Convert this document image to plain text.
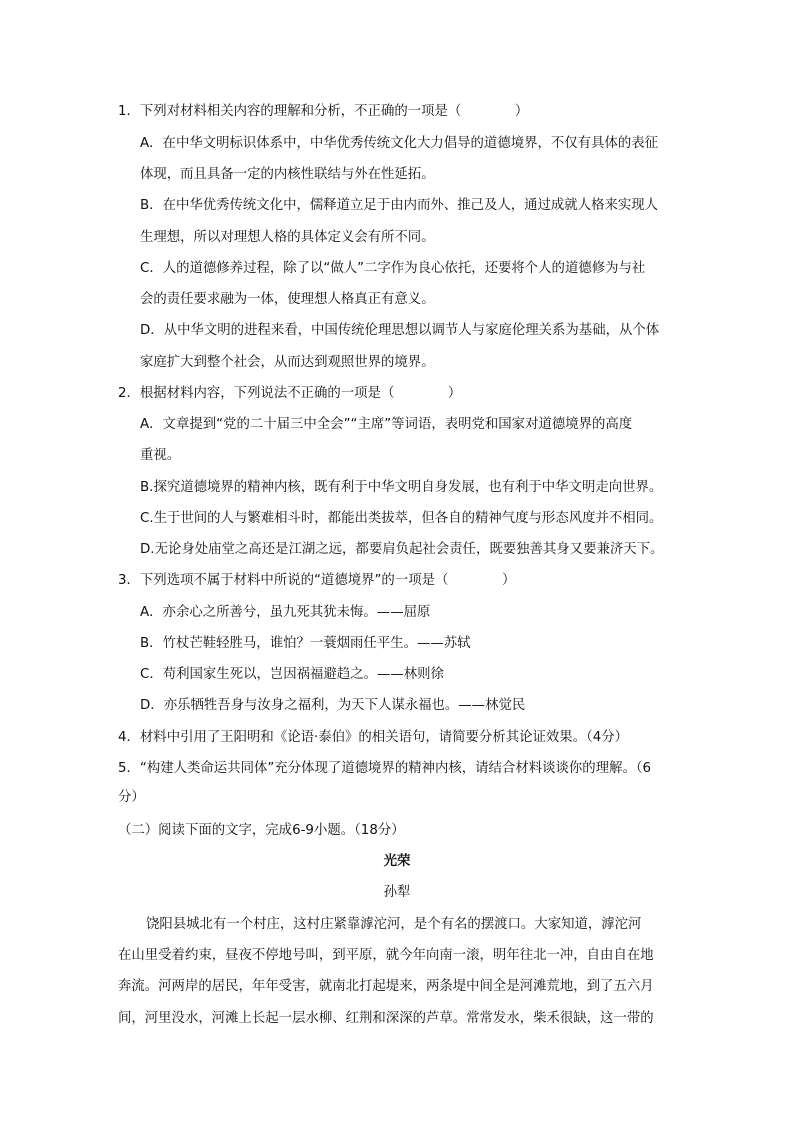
1．下列对材料相关内容的理解和分析，不正确的一项是（　　　　）
A．在中华文明标识体系中，中华优秀传统文化大力倡导的道德境界，不仅有具体的表征
体现，而且具备一定的内核性联结与外在性延拓。
B．在中华优秀传统文化中，儒释道立足于由内而外、推己及人，通过成就人格来实现人
生理想，所以对理想人格的具体定义会有所不同。
C．人的道德修养过程，除了以“做人”二字作为良心依托，还要将个人的道德修为与社
会的责任要求融为一体，使理想人格真正有意义。
D．从中华文明的进程来看，中国传统伦理思想以调节人与家庭伦理关系为基础，从个体
家庭扩大到整个社会，从而达到观照世界的境界。
2．根据材料内容，下列说法不正确的一项是（　　　　）
A．文章提到“党的二十届三中全会”“主席”等词语，表明党和国家对道德境界的高度
重视。
B.探究道德境界的精神内核，既有利于中华文明自身发展，也有利于中华文明走向世界。
C.生于世间的人与繁难相斗时，都能出类拔萃，但各自的精神气度与形态风度并不相同。
D.无论身处庙堂之高还是江湖之远，都要肩负起社会责任，既要独善其身又要兼济天下。
3．下列选项不属于材料中所说的“道德境界”的一项是（　　　　）
A．亦余心之所善兮，虽九死其犹未悔。——屈原
B．竹杖芒鞋轻胜马，谁怕？一蓑烟雨任平生。——苏轼
C．苟利国家生死以，岂因祸福避趋之。——林则徐
D．亦乐牺牲吾身与汝身之福利，为天下人谋永福也。——林觉民
4．材料中引用了王阳明和《论语·泰伯》的相关语句，请简要分析其论证效果。（4分）
5．“构建人类命运共同体”充分体现了道德境界的精神内核，请结合材料谈谈你的理解。（6
分）
（二）阅读下面的文字，完成6-9小题。（18分）
光荣
孙犁
饶阳县城北有一个村庄，这村庄紧靠滹沱河，是个有名的摆渡口。大家知道，滹沱河
在山里受着约束，昼夜不停地号叫，到平原，就今年向南一滚，明年往北一冲，自由自在地
奔流。河两岸的居民，年年受害，就南北打起堤来，两条堤中间全是河滩荒地，到了五六月
间，河里没水，河滩上长起一层水柳、红荆和深深的芦草。常常发水，柴禾很缺，这一带的
